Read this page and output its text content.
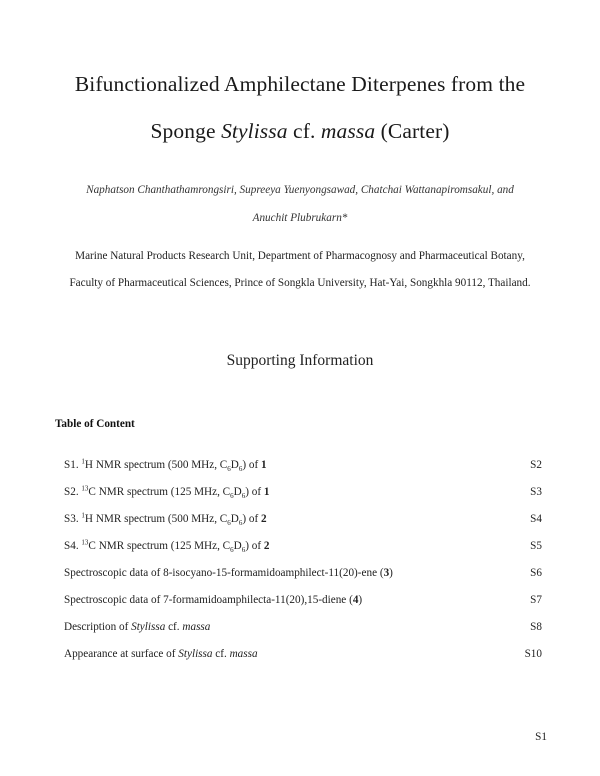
Bifunctionalized Amphilectane Diterpenes from the
Sponge Stylissa cf. massa (Carter)
Naphatson Chanthathamrongsiri, Supreeya Yuenyongsawad, Chatchai Wattanapiromsakul, and
Anuchit Plubrukarn*
Marine Natural Products Research Unit, Department of Pharmacognosy and Pharmaceutical Botany,
Faculty of Pharmaceutical Sciences, Prince of Songkla University, Hat-Yai, Songkhla 90112, Thailand.
Supporting Information
Table of Content
S1. $^1$H NMR spectrum (500 MHz, $C_6D_6$) of 1	S2
S2. $^{13}$C NMR spectrum (125 MHz, $C_6D_6$) of 1	S3
S3. $^1$H NMR spectrum (500 MHz, $C_6D_6$) of 2	S4
S4. $^{13}$C NMR spectrum (125 MHz, $C_6D_6$) of 2	S5
Spectroscopic data of 8-isocyano-15-formamidoamphilect-11(20)-ene (3)	S6
Spectroscopic data of 7-formamidoamphilecta-11(20),15-diene (4)	S7
Description of Stylissa cf. massa	S8
Appearance at surface of Stylissa cf. massa	S10
S1
